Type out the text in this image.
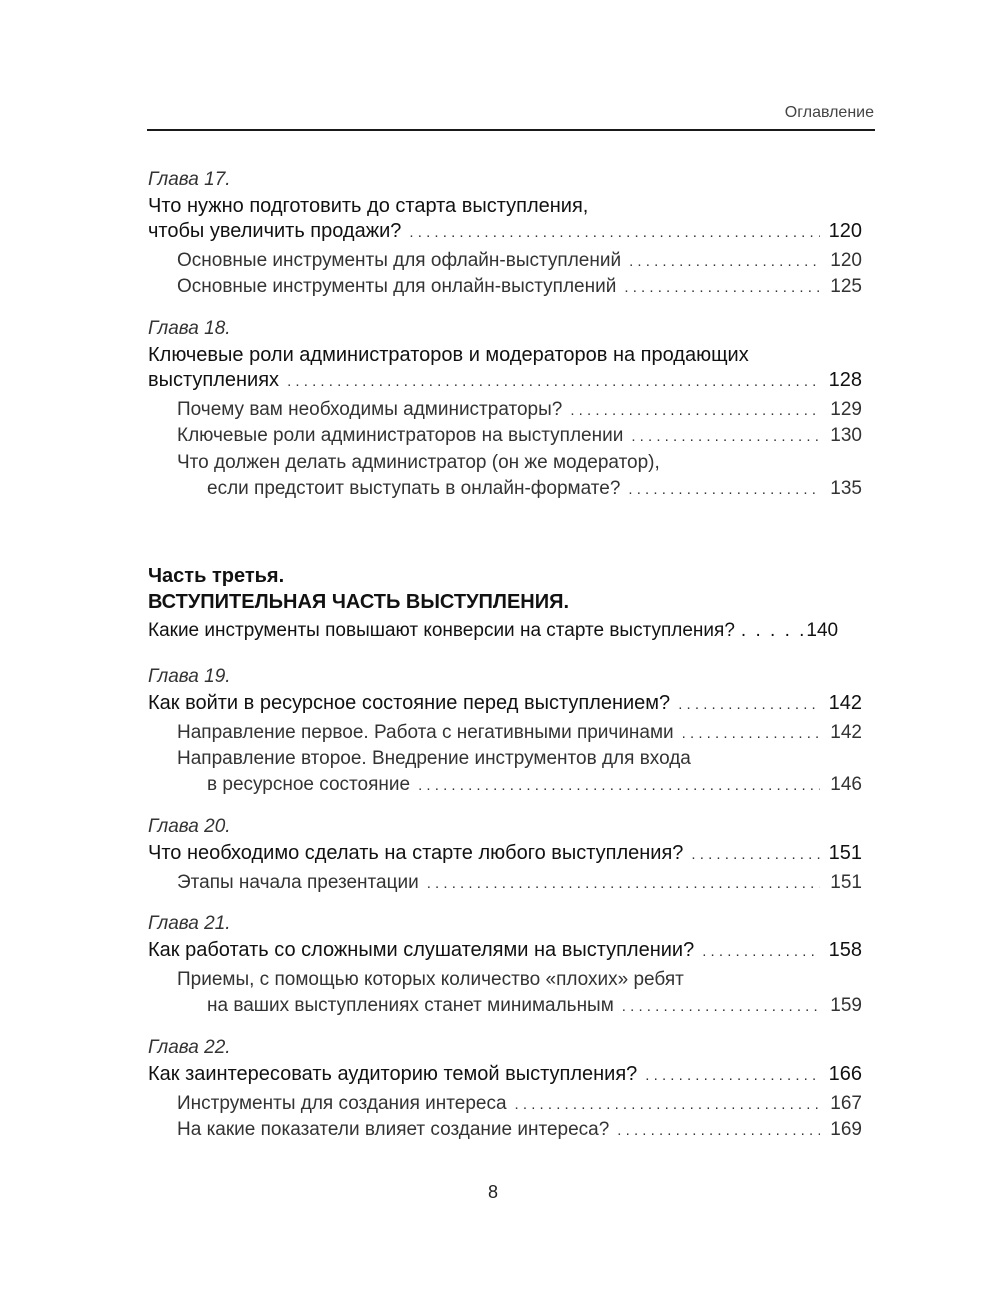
Оглавление
Глава 17.
Что нужно подготовить до старта выступления,
чтобы увеличить продажи? . . .	120
Основные инструменты для офлайн-выступлений . . .	120
Основные инструменты для онлайн-выступлений . . .	125
Глава 18.
Ключевые роли администраторов и модераторов на продающих
выступлениях . . .	128
Почему вам необходимы администраторы? . . .	129
Ключевые роли администраторов на выступлении . . .	130
Что должен делать администратор (он же модератор),
если предстоит выступать в онлайн-формате? . . .	135
Часть третья.
ВСТУПИТЕЛЬНАЯ ЧАСТЬ ВЫСТУПЛЕНИЯ.
Какие инструменты повышают конверсии на старте выступления? . . . . . 140
Глава 19.
Как войти в ресурсное состояние перед выступлением? . . .	142
Направление первое. Работа с негативными причинами . . .	142
Направление второе. Внедрение инструментов для входа
в ресурсное состояние . . .	146
Глава 20.
Что необходимо сделать на старте любого выступления? . . .	151
Этапы начала презентации . . .	151
Глава 21.
Как работать со сложными слушателями на выступлении? . . .	158
Приемы, с помощью которых количество «плохих» ребят
на ваших выступлениях станет минимальным . . .	159
Глава 22.
Как заинтересовать аудиторию темой выступления? . . .	166
Инструменты для создания интереса . . .	167
На какие показатели влияет создание интереса? . . .	169
8
